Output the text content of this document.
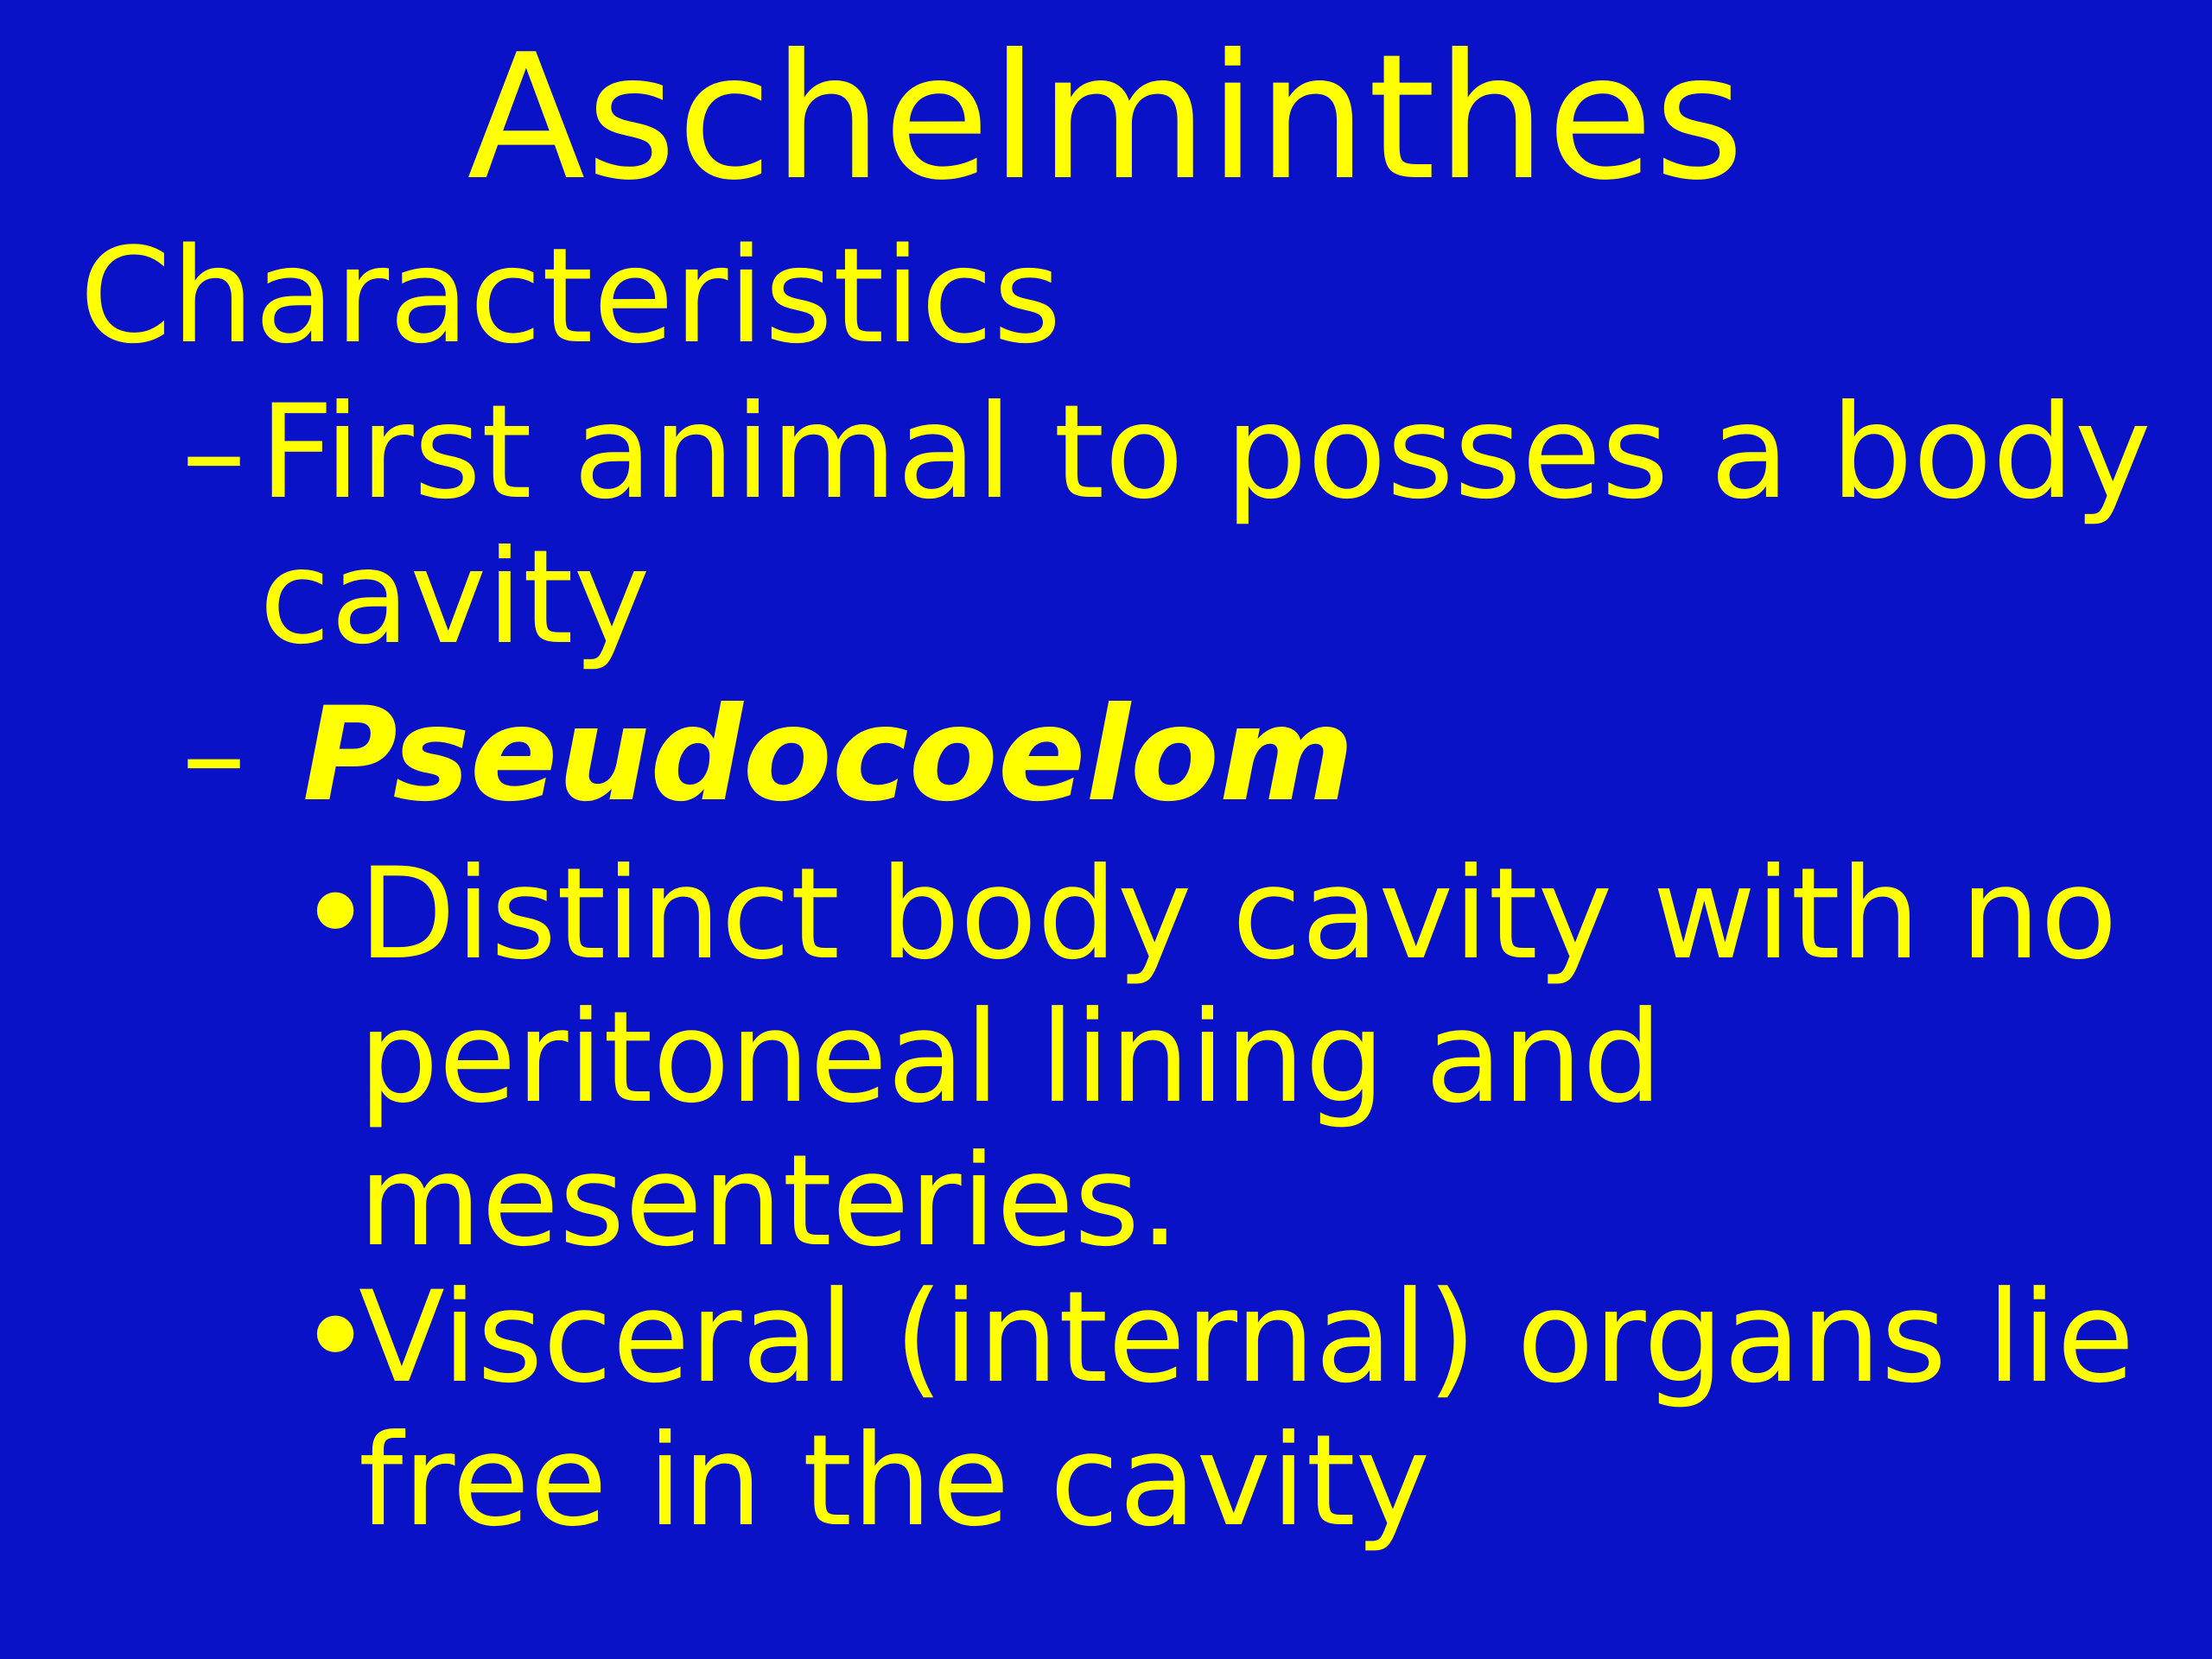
Aschelminthes
Characteristics
– First animal to posses a body
cavity
– Pseudocoelom
•
Distinct body cavity with no
peritoneal lining and
mesenteries.
•
Visceral (internal) organs lie
free in the cavity
